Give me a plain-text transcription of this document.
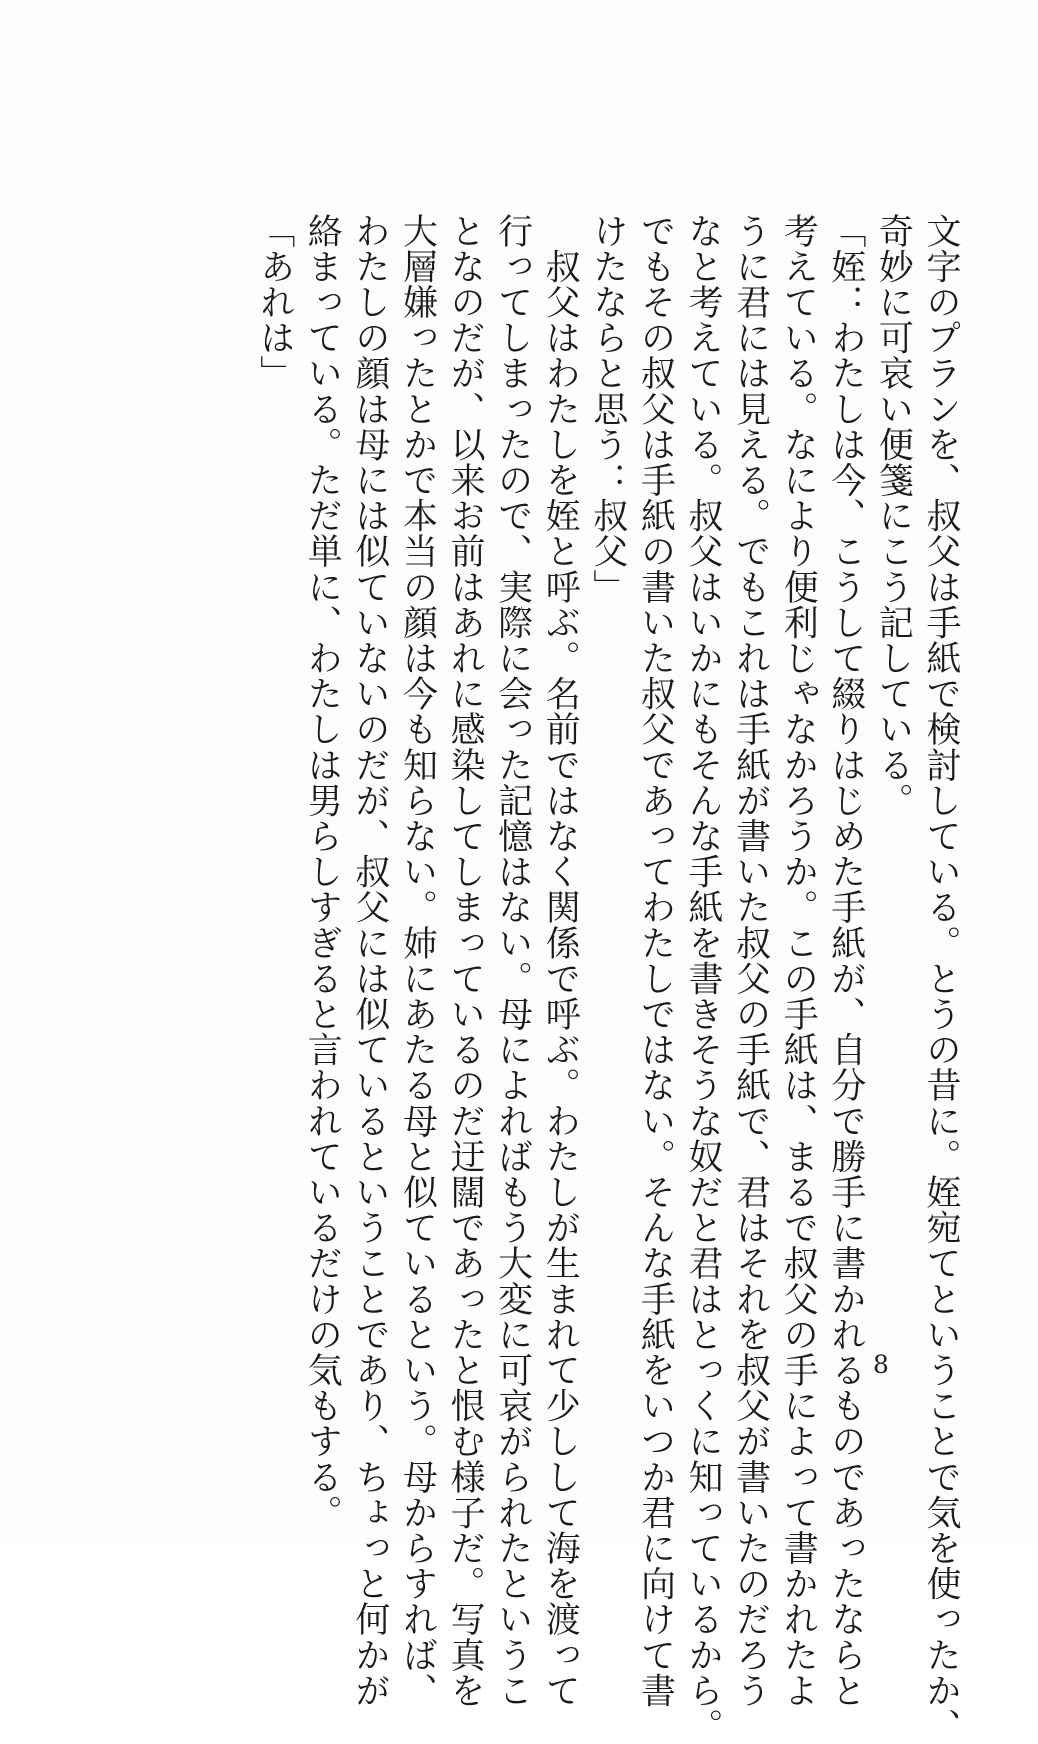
文字のプランを、叔父は手紙で検討している。とうの昔に。姪宛てということで気を使ったか、
奇妙に可哀い便箋にこう記している。
「姪：わたしは今、こうして綴りはじめた手紙が、自分で勝手に書かれるものであったならと
考えている。なにより便利じゃなかろうか。この手紙は、まるで叔父の手によって書かれたよ
うに君には見える。でもこれは手紙が書いた叔父の手紙で、君はそれを叔父が書いたのだろう
なと考えている。叔父はいかにもそんな手紙を書きそうな奴だと君はとっくに知っているから。
でもその叔父は手紙の書いた叔父であってわたしではない。そんな手紙をいつか君に向けて書
けたならと思う：叔父」
　叔父はわたしを姪と呼ぶ。名前ではなく関係で呼ぶ。わたしが生まれて少しして海を渡って
行ってしまったので、実際に会った記憶はない。母によればもう大変に可哀がられたというこ
となのだが、以来お前はあれに感染してしまっているのだ迂闊であったと恨む様子だ。写真を
大層嫌ったとかで本当の顔は今も知らない。姉にあたる母と似ているという。母からすれば、
わたしの顔は母には似ていないのだが、叔父には似ているということであり、ちょっと何かが
絡まっている。ただ単に、わたしは男らしすぎると言われているだけの気もする。
「あれは」
8
